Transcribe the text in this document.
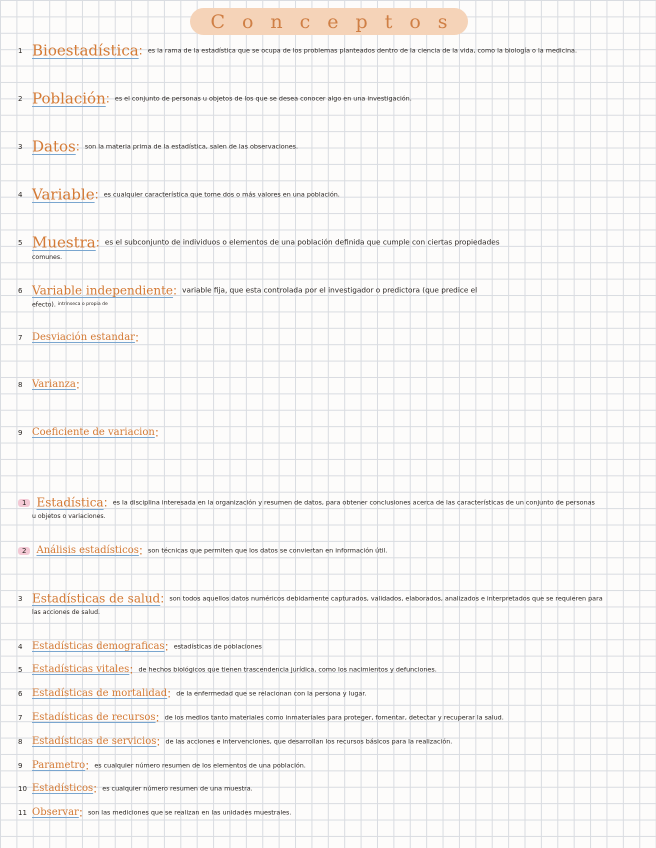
Conceptos
1 Bioestadística: es la rama de la estadística que se ocupa de los problemas planteados dentro de la ciencia de la vida, como la biología o la medicina.
2 Población: es el conjunto de personas u objetos de los que se desea conocer algo en una investigación.
3 Datos: son la materia prima de la estadística, salen de las observaciones.
4 Variable: es cualquier característica que tome dos o más valores en una población.
5 Muestra: es el subconjunto de individuos o elementos de una población definida que cumple con ciertas propiedades
comunes.
6 Variable independiente: variable fija, que esta controlada por el investigador o predictora (que predice el
efecto). intrínseca o propia de
7 Desviación estandar:
8 Varianza:
9 Coeficiente de variacion:
1 Estadística: es la disciplina interesada en la organización y resumen de datos, para obtener conclusiones acerca de las características de un conjunto de personas
u objetos o variaciones.
2 Análisis estadísticos: son técnicas que permiten que los datos se conviertan en información útil.
3 Estadísticas de salud: son todos aquellos datos numéricos debidamente capturados, validados, elaborados, analizados e interpretados que se requieren para
las acciones de salud.
4 Estadísticas demograficas: estadísticas de poblaciones
5 Estadísticas vitales: de hechos biológicos que tienen trascendencia jurídica, como los nacimientos y defunciones.
6 Estadísticas de mortalidad: de la enfermedad que se relacionan con la persona y lugar.
7 Estadísticas de recursos: de los medios tanto materiales como inmateriales para proteger, fomentar, detectar y recuperar la salud.
8 Estadísticas de servicios: de las acciones e intervenciones, que desarrollan los recursos básicos para la realización.
9 Parametro: es cualquier número resumen de los elementos de una población.
10 Estadísticos: es cualquier número resumen de una muestra.
11 Observar: son las mediciones que se realizan en las unidades muestrales.
